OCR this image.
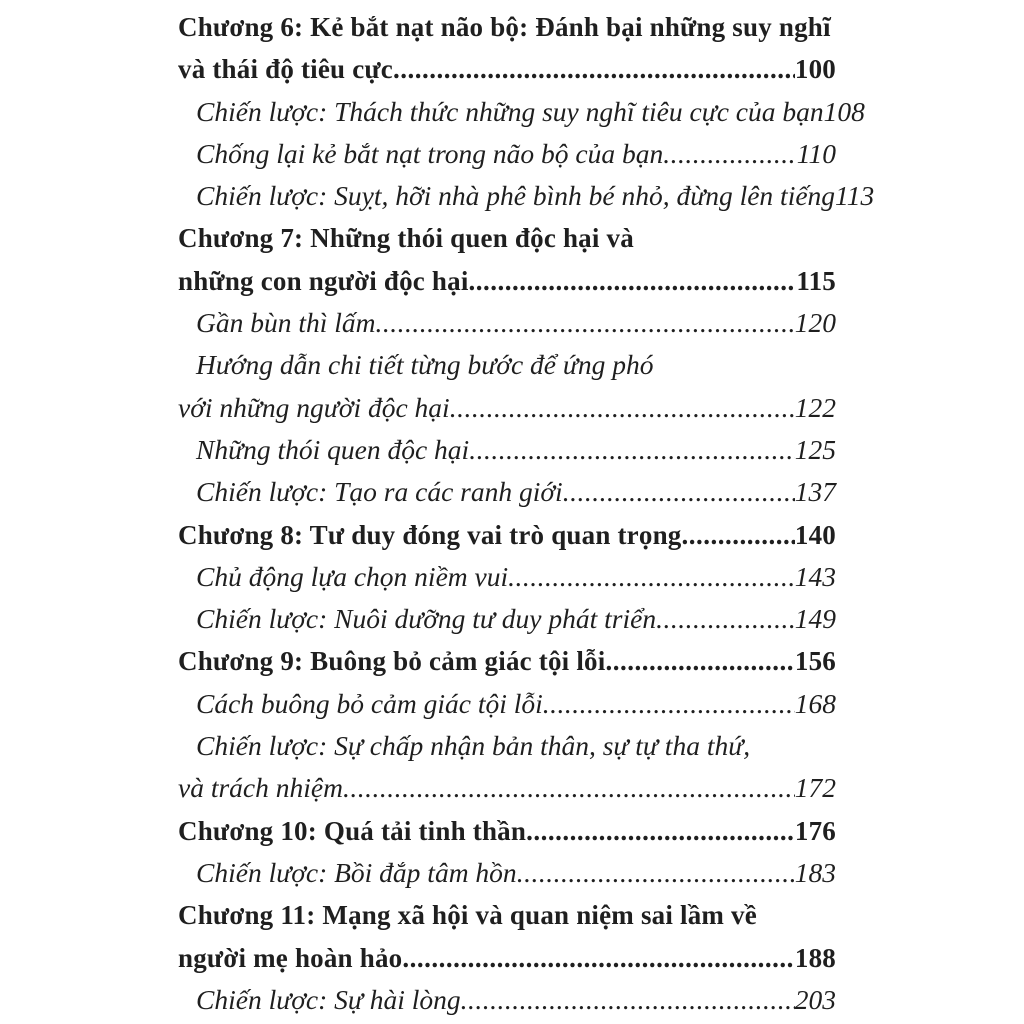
Chương 6: Kẻ bắt nạt não bộ: Đánh bại những suy nghĩ
và thái độ tiêu cực .....	100
Chiến lược: Thách thức những suy nghĩ tiêu cực của bạn 108
Chống lại kẻ bắt nạt trong não bộ của bạn .....	110
Chiến lược: Suỵt, hỡi nhà phê bình bé nhỏ, đừng lên tiếng 113
Chương 7: Những thói quen độc hại và
những con người độc hại .....	115
Gần bùn thì lấm .....	120
Hướng dẫn chi tiết từng bước để ứng phó
với những người độc hại .....	122
Những thói quen độc hại .....	125
Chiến lược: Tạo ra các ranh giới .....	137
Chương 8: Tư duy đóng vai trò quan trọng .....	140
Chủ động lựa chọn niềm vui .....	143
Chiến lược: Nuôi dưỡng tư duy phát triển .....	149
Chương 9: Buông bỏ cảm giác tội lỗi .....	156
Cách buông bỏ cảm giác tội lỗi .....	168
Chiến lược: Sự chấp nhận bản thân, sự tự tha thứ,
và trách nhiệm .....	172
Chương 10: Quá tải tinh thần .....	176
Chiến lược: Bồi đắp tâm hồn .....	183
Chương 11: Mạng xã hội và quan niệm sai lầm về
người mẹ hoàn hảo .....	188
Chiến lược: Sự hài lòng .....	203
